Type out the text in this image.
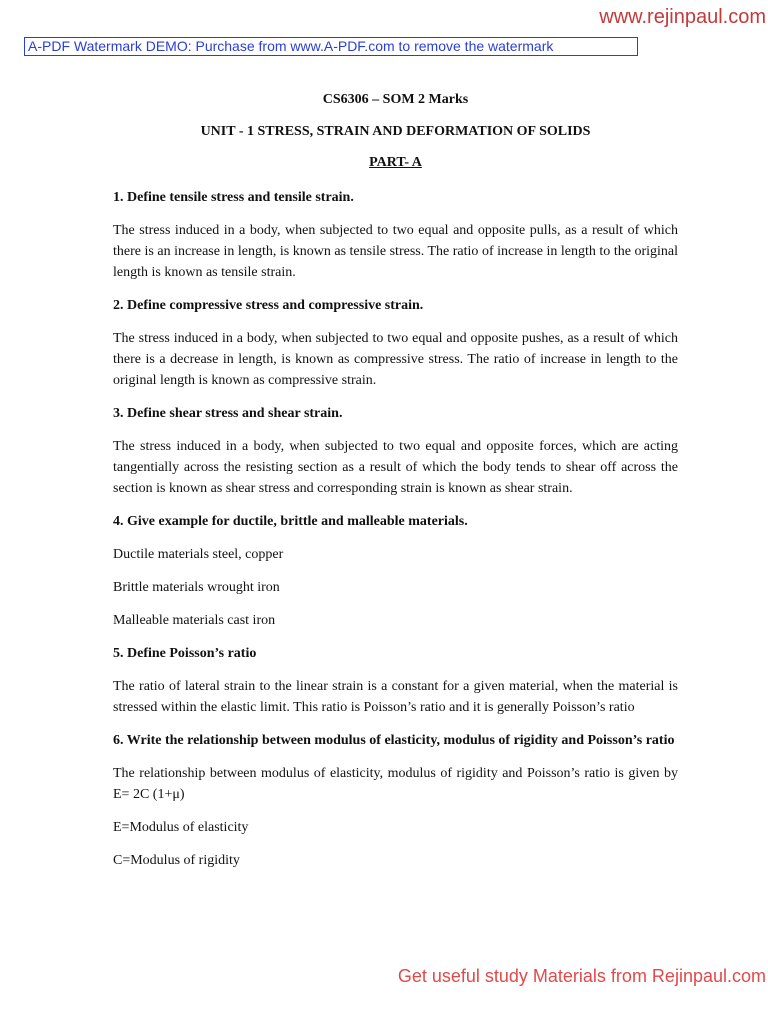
www.rejinpaul.com
A-PDF Watermark DEMO: Purchase from www.A-PDF.com to remove the watermark

CS6306 – SOM 2 Marks

UNIT - 1 STRESS, STRAIN AND DEFORMATION OF SOLIDS

PART- A

1. Define tensile stress and tensile strain.

The stress induced in a body, when subjected to two equal and opposite pulls, as a result of which there is an increase in length, is known as tensile stress. The ratio of increase in length to the original length is known as tensile strain.

2. Define compressive stress and compressive strain.

The stress induced in a body, when subjected to two equal and opposite pushes, as a result of which there is a decrease in length, is known as compressive stress. The ratio of increase in length to the original length is known as compressive strain.

3. Define shear stress and shear strain.

The stress induced in a body, when subjected to two equal and opposite forces, which are acting tangentially across the resisting section as a result of which the body tends to shear off across the section is known as shear stress and corresponding strain is known as shear strain.

4. Give example for ductile, brittle and malleable materials.

Ductile materials steel, copper

Brittle materials wrought iron

Malleable materials cast iron

5. Define Poisson’s ratio

The ratio of lateral strain to the linear strain is a constant for a given material, when the material is stressed within the elastic limit. This ratio is Poisson’s ratio and it is generally Poisson’s ratio

6. Write the relationship between modulus of elasticity, modulus of rigidity and Poisson’s ratio

The relationship between modulus of elasticity, modulus of rigidity and Poisson’s ratio is given by E= 2C (1+μ)

E=Modulus of elasticity

C=Modulus of rigidity

Get useful study Materials from Rejinpaul.com
